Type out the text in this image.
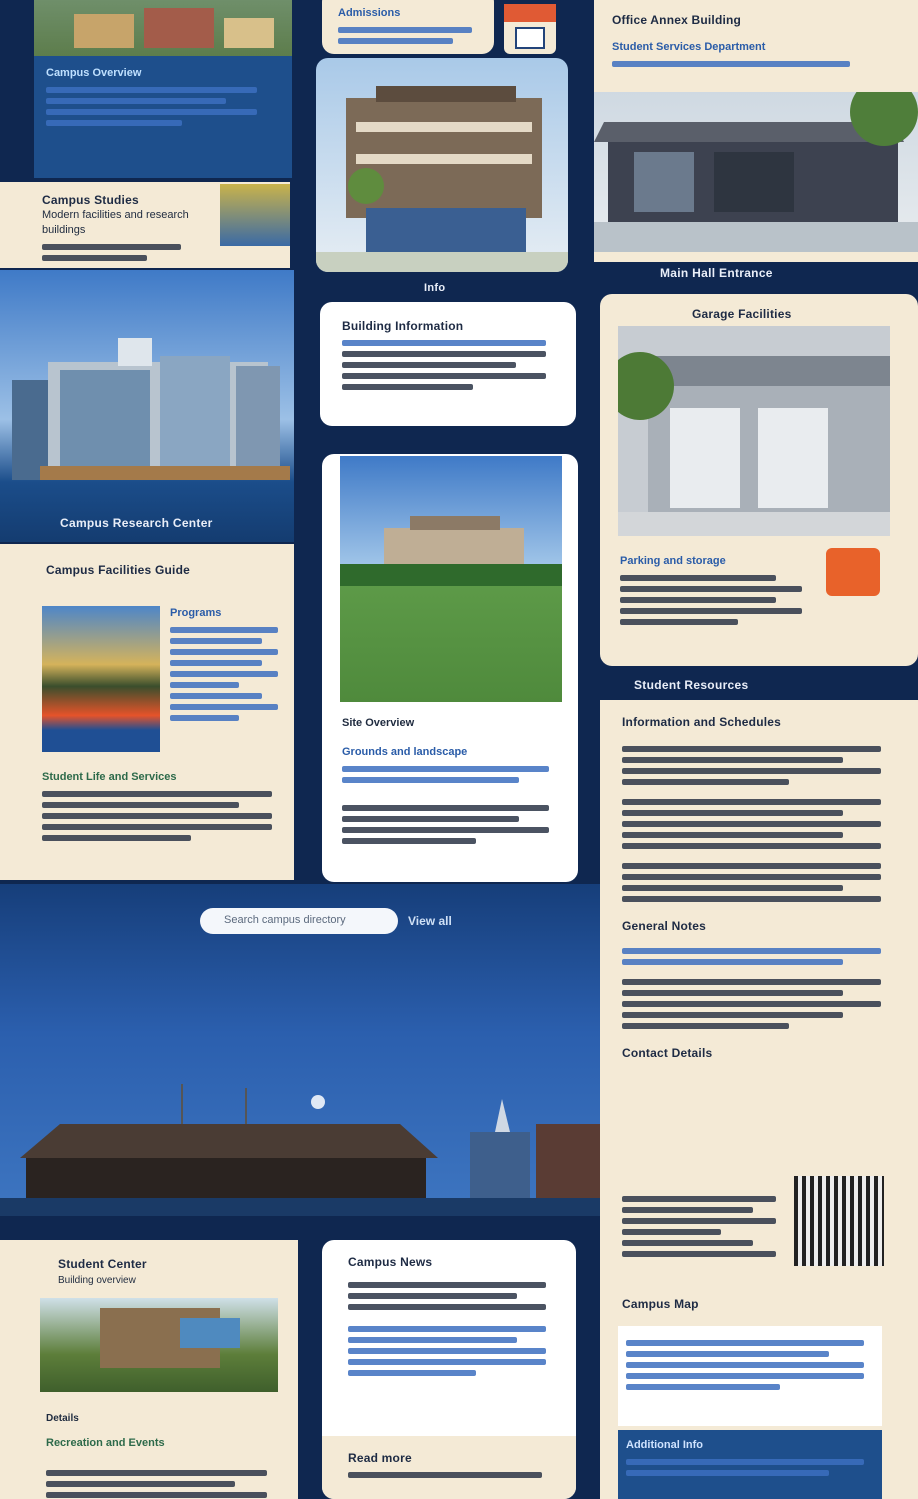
Campus Overview
Campus Studies
Modern facilities and research buildings
Campus Research Center
Campus Facilities Guide
Programs
Student Life and Services
Admissions
Info
Building Information
Site Overview
Grounds and landscape
Office Annex Building
Student Services Department
Main Hall Entrance
Garage Facilities
Parking and storage
Student Resources
Information and Schedules
General Notes
Contact Details
Campus Map
Additional Info
Search campus directory	View all
Student Center
Building overview
Details
Recreation and Events
Campus News
Read more
